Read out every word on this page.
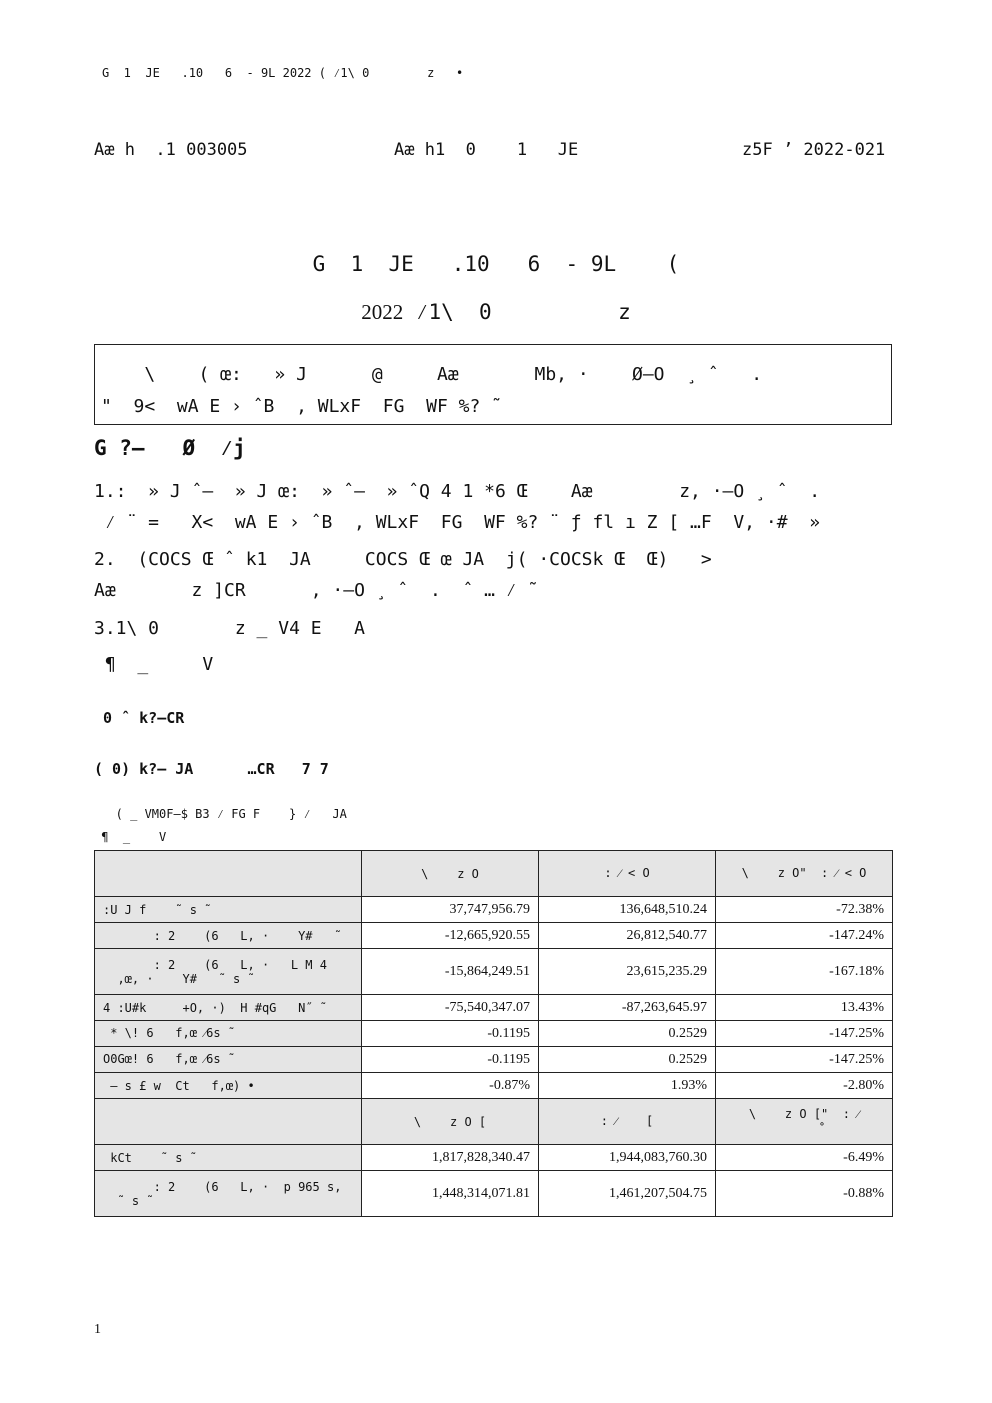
G  1  JE   .10   6  - 9L 2022 ( ⁄1\ 0        z   •
Aæ h  .1 003005	Aæ h1  0    1   JE	z5F ’ 2022-021
G  1  JE   .10   6  - 9L    (
2022 ⁄1\  0          z
\    ( œ:   » J      @     Aæ       Mb, ·    Ø–O  ¸ ˆ   .
"  9<  wA E › ˆB  , WLxF  FG  WF %? ˜
G ?–   Ø  ⁄j
1.:  » J ˆ–  » J œ:  » ˆ–  » ˆQ 4 1 *6 Œ    Aæ        z, ·–O ¸ ˆ  .
⁄ ¨ =   X<  wA E › ˆB  , WLxF  FG  WF %? ¨ ƒ fl ı Z [ …F  V, ·#  »
2.  (COCS Œ ˆ k1  JA     COCS Œ œ JA  j( ·COCSk Œ  Œ)   >
Aæ       z ]CR      , ·–O ¸ ˆ  .  ˆ … ⁄ ˜
3.1\ 0       z _ V4 E   A
¶  _     V
0 ˆ k?–CR
( 0) k?– JA      …CR   7 7
( _ VM0F–$ B3 ⁄ FG F    } ⁄   JA
¶  _    V
	\    z O	: ⁄ < O	\    z O"  : ⁄ < O
:U J f    ˜ s ˜	37,747,956.79	136,648,510.24	-72.38%
: 2    (6   L, ·    Y#   ˜	-12,665,920.55	26,812,540.77	-147.24%
: 2    (6   L, ·   L M 4
,œ, ·    Y#   ˜ s ˜	-15,864,249.51	23,615,235.29	-167.18%
4 :U#k     +O, ·)  H #qG   N˝ ˜	-75,540,347.07	-87,263,645.97	13.43%
* \! 6   f,œ ⁄6s ˜	-0.1195	0.2529	-147.25%
O0Gœ! 6   f,œ ⁄6s ˜	-0.1195	0.2529	-147.25%
– s £ w  Ct   f,œ) •	-0.87%	1.93%	-2.80%
	\    z O [	: ⁄    [	\    z O ["  : ⁄
˚
kCt    ˜ s ˜	1,817,828,340.47	1,944,083,760.30	-6.49%
: 2    (6   L, ·  p 965 s,
˜ s ˜	1,448,314,071.81	1,461,207,504.75	-0.88%
1
